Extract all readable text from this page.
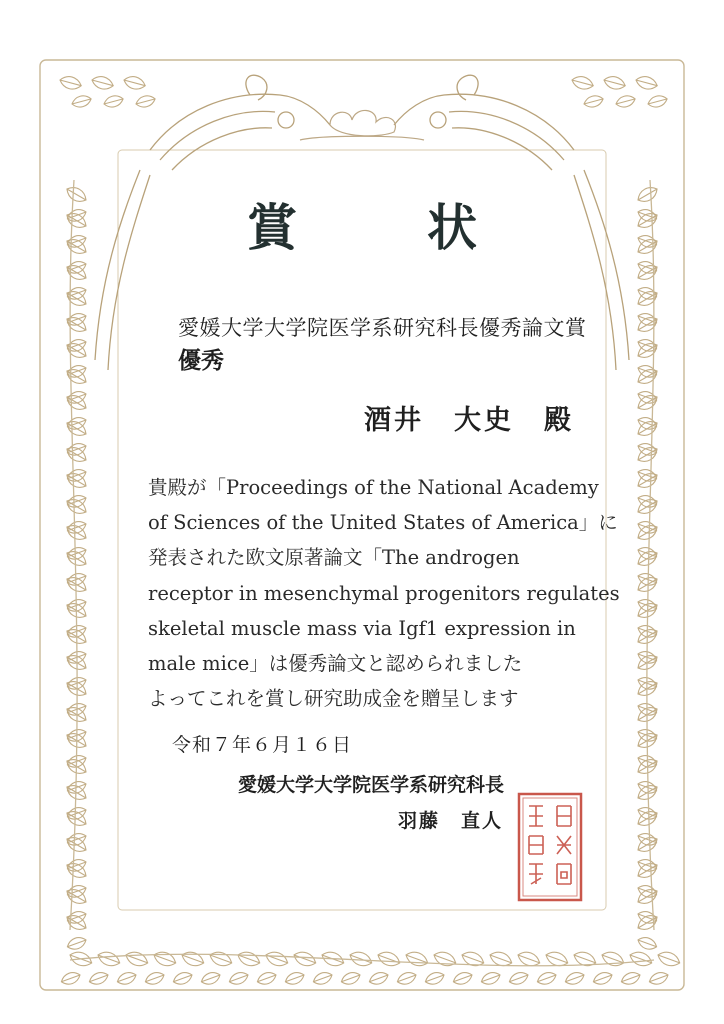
賞　状
愛媛大学大学院医学系研究科長優秀論文賞
優秀
酒井　大史　殿
貴殿が「Proceedings of the National Academy
of Sciences of the United States of America」に
発表された欧文原著論文「The androgen
receptor in mesenchymal progenitors regulates
skeletal muscle mass via Igf1 expression in
male mice」は優秀論文と認められました
よってこれを賞し研究助成金を贈呈します
令和７年６月１６日
愛媛大学大学院医学系研究科長
羽藤　直人
